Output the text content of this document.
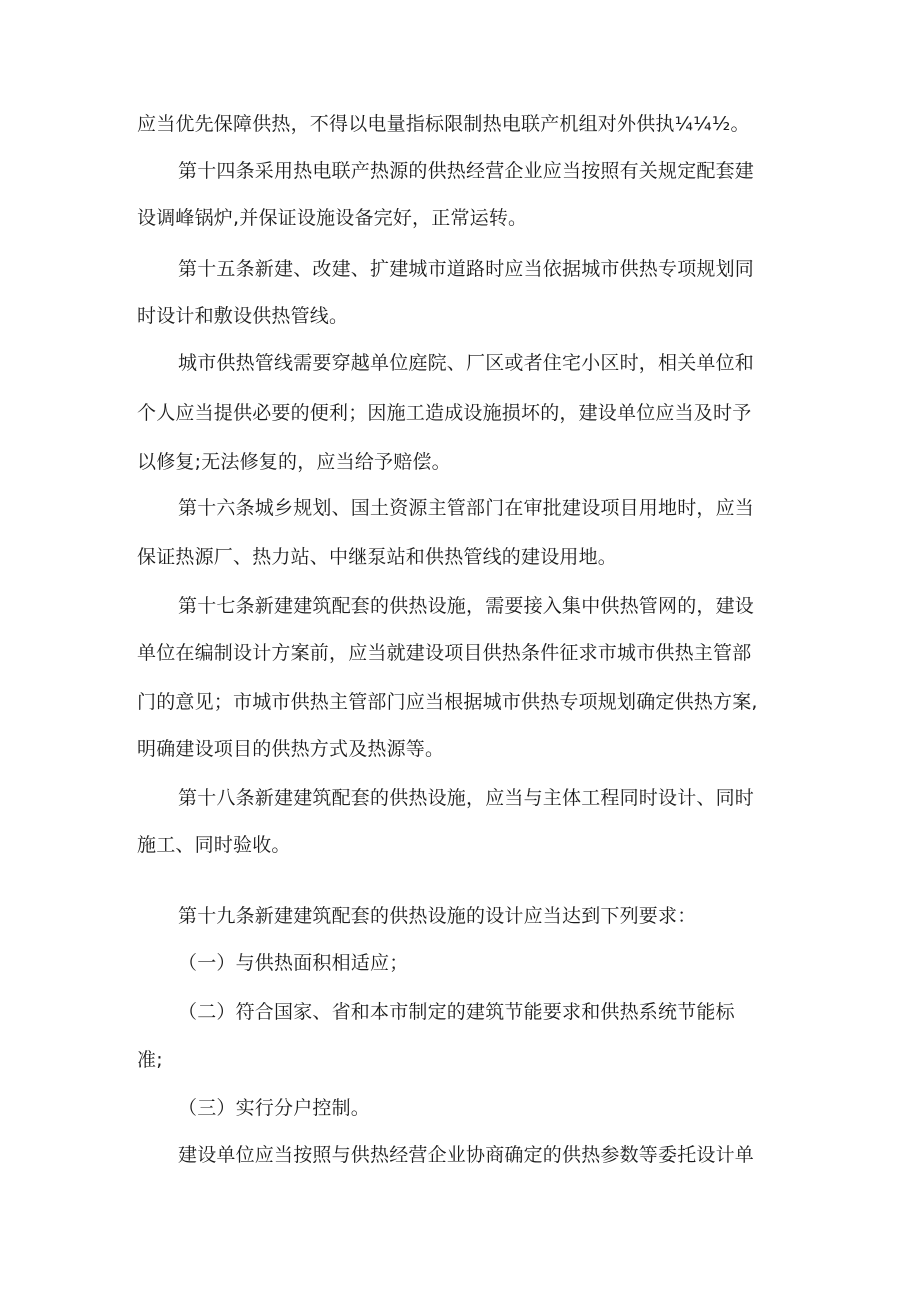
应当优先保障供热，不得以电量指标限制热电联产机组对外供执¼¼½。
第十四条采用热电联产热源的供热经营企业应当按照有关规定配套建
设调峰锅炉,并保证设施设备完好，正常运转。
第十五条新建、改建、扩建城市道路时应当依据城市供热专项规划同
时设计和敷设供热管线。
城市供热管线需要穿越单位庭院、厂区或者住宅小区时，相关单位和
个人应当提供必要的便利；因施工造成设施损坏的，建设单位应当及时予
以修复;无法修复的，应当给予赔偿。
第十六条城乡规划、国土资源主管部门在审批建设项目用地时，应当
保证热源厂、热力站、中继泵站和供热管线的建设用地。
第十七条新建建筑配套的供热设施，需要接入集中供热管网的，建设
单位在编制设计方案前，应当就建设项目供热条件征求市城市供热主管部
门的意见；市城市供热主管部门应当根据城市供热专项规划确定供热方案,
明确建设项目的供热方式及热源等。
第十八条新建建筑配套的供热设施，应当与主体工程同时设计、同时
施工、同时验收。
第十九条新建建筑配套的供热设施的设计应当达到下列要求：
（一）与供热面积相适应；
（二）符合国家、省和本市制定的建筑节能要求和供热系统节能标
准;
（三）实行分户控制。
建设单位应当按照与供热经营企业协商确定的供热参数等委托设计单
